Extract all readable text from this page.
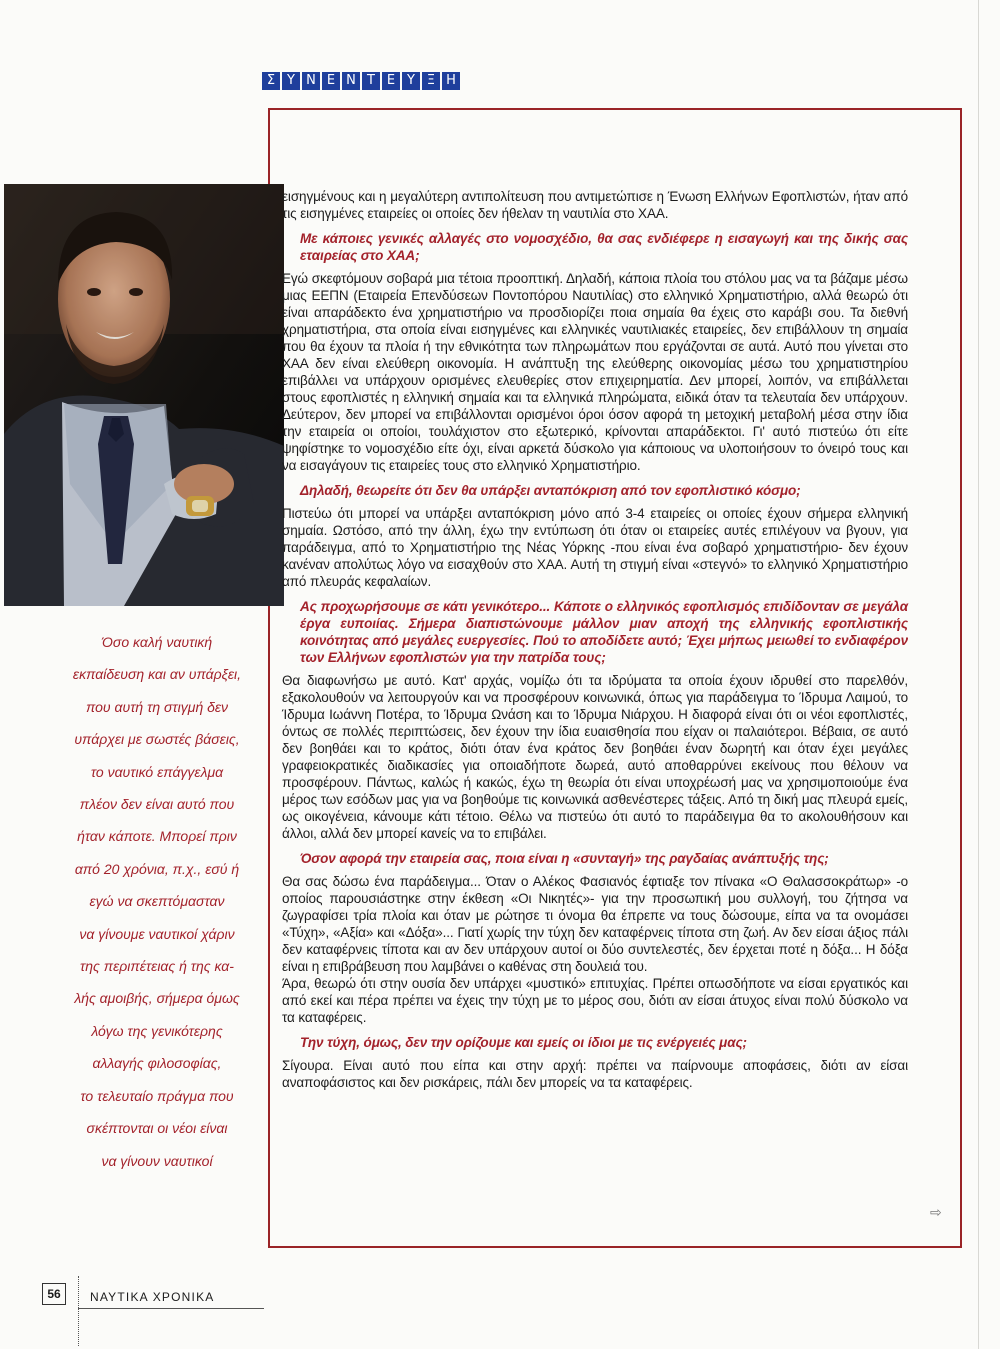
Σ Υ Ν Ε Ν Τ Ε Υ Ξ Η

εισηγμένους και η μεγαλύτερη αντιπολίτευση που αντιμετώπισε η Ένωση Ελλήνων Εφοπλιστών, ήταν από τις εισηγμένες εταιρείες οι οποίες δεν ήθελαν τη ναυτιλία στο ΧΑΑ.

Με κάποιες γενικές αλλαγές στο νομοσχέδιο, θα σας ενδιέφερε η εισαγωγή και της δικής σας εταιρείας στο ΧΑΑ;

Εγώ σκεφτόμουν σοβαρά μια τέτοια προοπτική. Δηλαδή, κάποια πλοία του στόλου μας να τα βάζαμε μέσω μιας ΕΕΠΝ (Εταιρεία Επενδύσεων Ποντοπόρου Ναυτιλίας) στο ελληνικό Χρηματιστήριο, αλλά θεωρώ ότι είναι απαράδεκτο ένα χρηματιστήριο να προσδιορίζει ποια σημαία θα έχεις στο καράβι σου. Τα διεθνή χρηματιστήρια, στα οποία είναι εισηγμένες και ελληνικές ναυτιλιακές εταιρείες, δεν επιβάλλουν τη σημαία που θα έχουν τα πλοία ή την εθνικότητα των πληρωμάτων που εργάζονται σε αυτά. Αυτό που γίνεται στο ΧΑΑ δεν είναι ελεύθερη οικονομία. Η ανάπτυξη της ελεύθερης οικονομίας μέσω του χρηματιστηρίου επιβάλλει να υπάρχουν ορισμένες ελευθερίες στον επιχειρηματία. Δεν μπορεί, λοιπόν, να επιβάλλεται στους εφοπλιστές η ελληνική σημαία και τα ελληνικά πληρώματα, ειδικά όταν τα τελευταία δεν υπάρχουν. Δεύτερον, δεν μπορεί να επιβάλλονται ορισμένοι όροι όσον αφορά τη μετοχική μεταβολή μέσα στην ίδια την εταιρεία οι οποίοι, τουλάχιστον στο εξωτερικό, κρίνονται απαράδεκτοι. Γι' αυτό πιστεύω ότι είτε ψηφίστηκε το νομοσχέδιο είτε όχι, είναι αρκετά δύσκολο για κάποιους να υλοποιήσουν το όνειρό τους και να εισαγάγουν τις εταιρείες τους στο ελληνικό Χρηματιστήριο.

Δηλαδή, θεωρείτε ότι δεν θα υπάρξει ανταπόκριση από τον εφοπλιστικό κόσμο;

Πιστεύω ότι μπορεί να υπάρξει ανταπόκριση μόνο από 3-4 εταιρείες οι οποίες έχουν σήμερα ελληνική σημαία. Ωστόσο, από την άλλη, έχω την εντύπωση ότι όταν οι εταιρείες αυτές επιλέγουν να βγουν, για παράδειγμα, από το Χρηματιστήριο της Νέας Υόρκης -που είναι ένα σοβαρό χρηματιστήριο- δεν έχουν κανέναν απολύτως λόγο να εισαχθούν στο ΧΑΑ. Αυτή τη στιγμή είναι «στεγνό» το ελληνικό Χρηματιστήριο από πλευράς κεφαλαίων.

Ας προχωρήσουμε σε κάτι γενικότερο... Κάποτε ο ελληνικός εφοπλισμός επιδίδονταν σε μεγάλα έργα ευποιίας. Σήμερα διαπιστώνουμε μάλλον μιαν αποχή της ελληνικής εφοπλιστικής κοινότητας από μεγάλες ευεργεσίες. Πού το αποδίδετε αυτό; Έχει μήπως μειωθεί το ενδιαφέρον των Ελλήνων εφοπλιστών για την πατρίδα τους;

Θα διαφωνήσω με αυτό. Κατ' αρχάς, νομίζω ότι τα ιδρύματα τα οποία έχουν ιδρυθεί στο παρελθόν, εξακολουθούν να λειτουργούν και να προσφέρουν κοινωνικά, όπως για παράδειγμα το Ίδρυμα Λαιμού, το Ίδρυμα Ιωάννη Ποτέρα, το Ίδρυμα Ωνάση και το Ίδρυμα Νιάρχου. Η διαφορά είναι ότι οι νέοι εφοπλιστές, όντως σε πολλές περιπτώσεις, δεν έχουν την ίδια ευαισθησία που είχαν οι παλαιότεροι. Βέβαια, σε αυτό δεν βοηθάει και το κράτος, διότι όταν ένα κράτος δεν βοηθάει έναν δωρητή και όταν έχει μεγάλες γραφειοκρατικές διαδικασίες για οποιαδήποτε δωρεά, αυτό αποθαρρύνει εκείνους που θέλουν να προσφέρουν. Πάντως, καλώς ή κακώς, έχω τη θεωρία ότι είναι υποχρέωσή μας να χρησιμοποιούμε ένα μέρος των εσόδων μας για να βοηθούμε τις κοινωνικά ασθενέστερες τάξεις. Από τη δική μας πλευρά εμείς, ως οικογένεια, κάνουμε κάτι τέτοιο. Θέλω να πιστεύω ότι αυτό το παράδειγμα θα το ακολουθήσουν και άλλοι, αλλά δεν μπορεί κανείς να το επιβάλει.

Όσον αφορά την εταιρεία σας, ποια είναι η «συνταγή» της ραγδαίας ανάπτυξής της;

Θα σας δώσω ένα παράδειγμα... Όταν ο Αλέκος Φασιανός έφτιαξε τον πίνακα «Ο Θαλασσοκράτωρ» -ο οποίος παρουσιάστηκε στην έκθεση «Οι Νικητές»- για την προσωπική μου συλλογή, του ζήτησα να ζωγραφίσει τρία πλοία και όταν με ρώτησε τι όνομα θα έπρεπε να τους δώσουμε, είπα να τα ονομάσει «Τύχη», «Αξία» και «Δόξα»... Γιατί χωρίς την τύχη δεν καταφέρνεις τίποτα στη ζωή. Αν δεν είσαι άξιος πάλι δεν καταφέρνεις τίποτα και αν δεν υπάρχουν αυτοί οι δύο συντελεστές, δεν έρχεται ποτέ η δόξα... Η δόξα είναι η επιβράβευση που λαμβάνει ο καθένας στη δουλειά του.

Άρα, θεωρώ ότι στην ουσία δεν υπάρχει «μυστικό» επιτυχίας. Πρέπει οπωσδήποτε να είσαι εργατικός και από εκεί και πέρα πρέπει να έχεις την τύχη με το μέρος σου, διότι αν είσαι άτυχος είναι πολύ δύσκολο να τα καταφέρεις.

Την τύχη, όμως, δεν την ορίζουμε και εμείς οι ίδιοι με τις ενέργειές μας;

Σίγουρα. Είναι αυτό που είπα και στην αρχή: πρέπει να παίρνουμε αποφάσεις, διότι αν είσαι αναποφάσιστος και δεν ρισκάρεις, πάλι δεν μπορείς να τα καταφέρεις.

Όσο καλή ναυτική
εκπαίδευση και αν υπάρξει,
που αυτή τη στιγμή δεν
υπάρχει με σωστές βάσεις,
το ναυτικό επάγγελμα
πλέον δεν είναι αυτό που
ήταν κάποτε. Μπορεί πριν
από 20 χρόνια, π.χ., εσύ ή
εγώ να σκεπτόμασταν
να γίνουμε ναυτικοί χάριν
της περιπέτειας ή της κα-
λής αμοιβής, σήμερα όμως
λόγω της γενικότερης
αλλαγής φιλοσοφίας,
το τελευταίο πράγμα που
σκέπτονται οι νέοι είναι
να γίνουν ναυτικοί
⇨
56	ΝΑΥΤΙΚΑ ΧΡΟΝΙΚΑ
